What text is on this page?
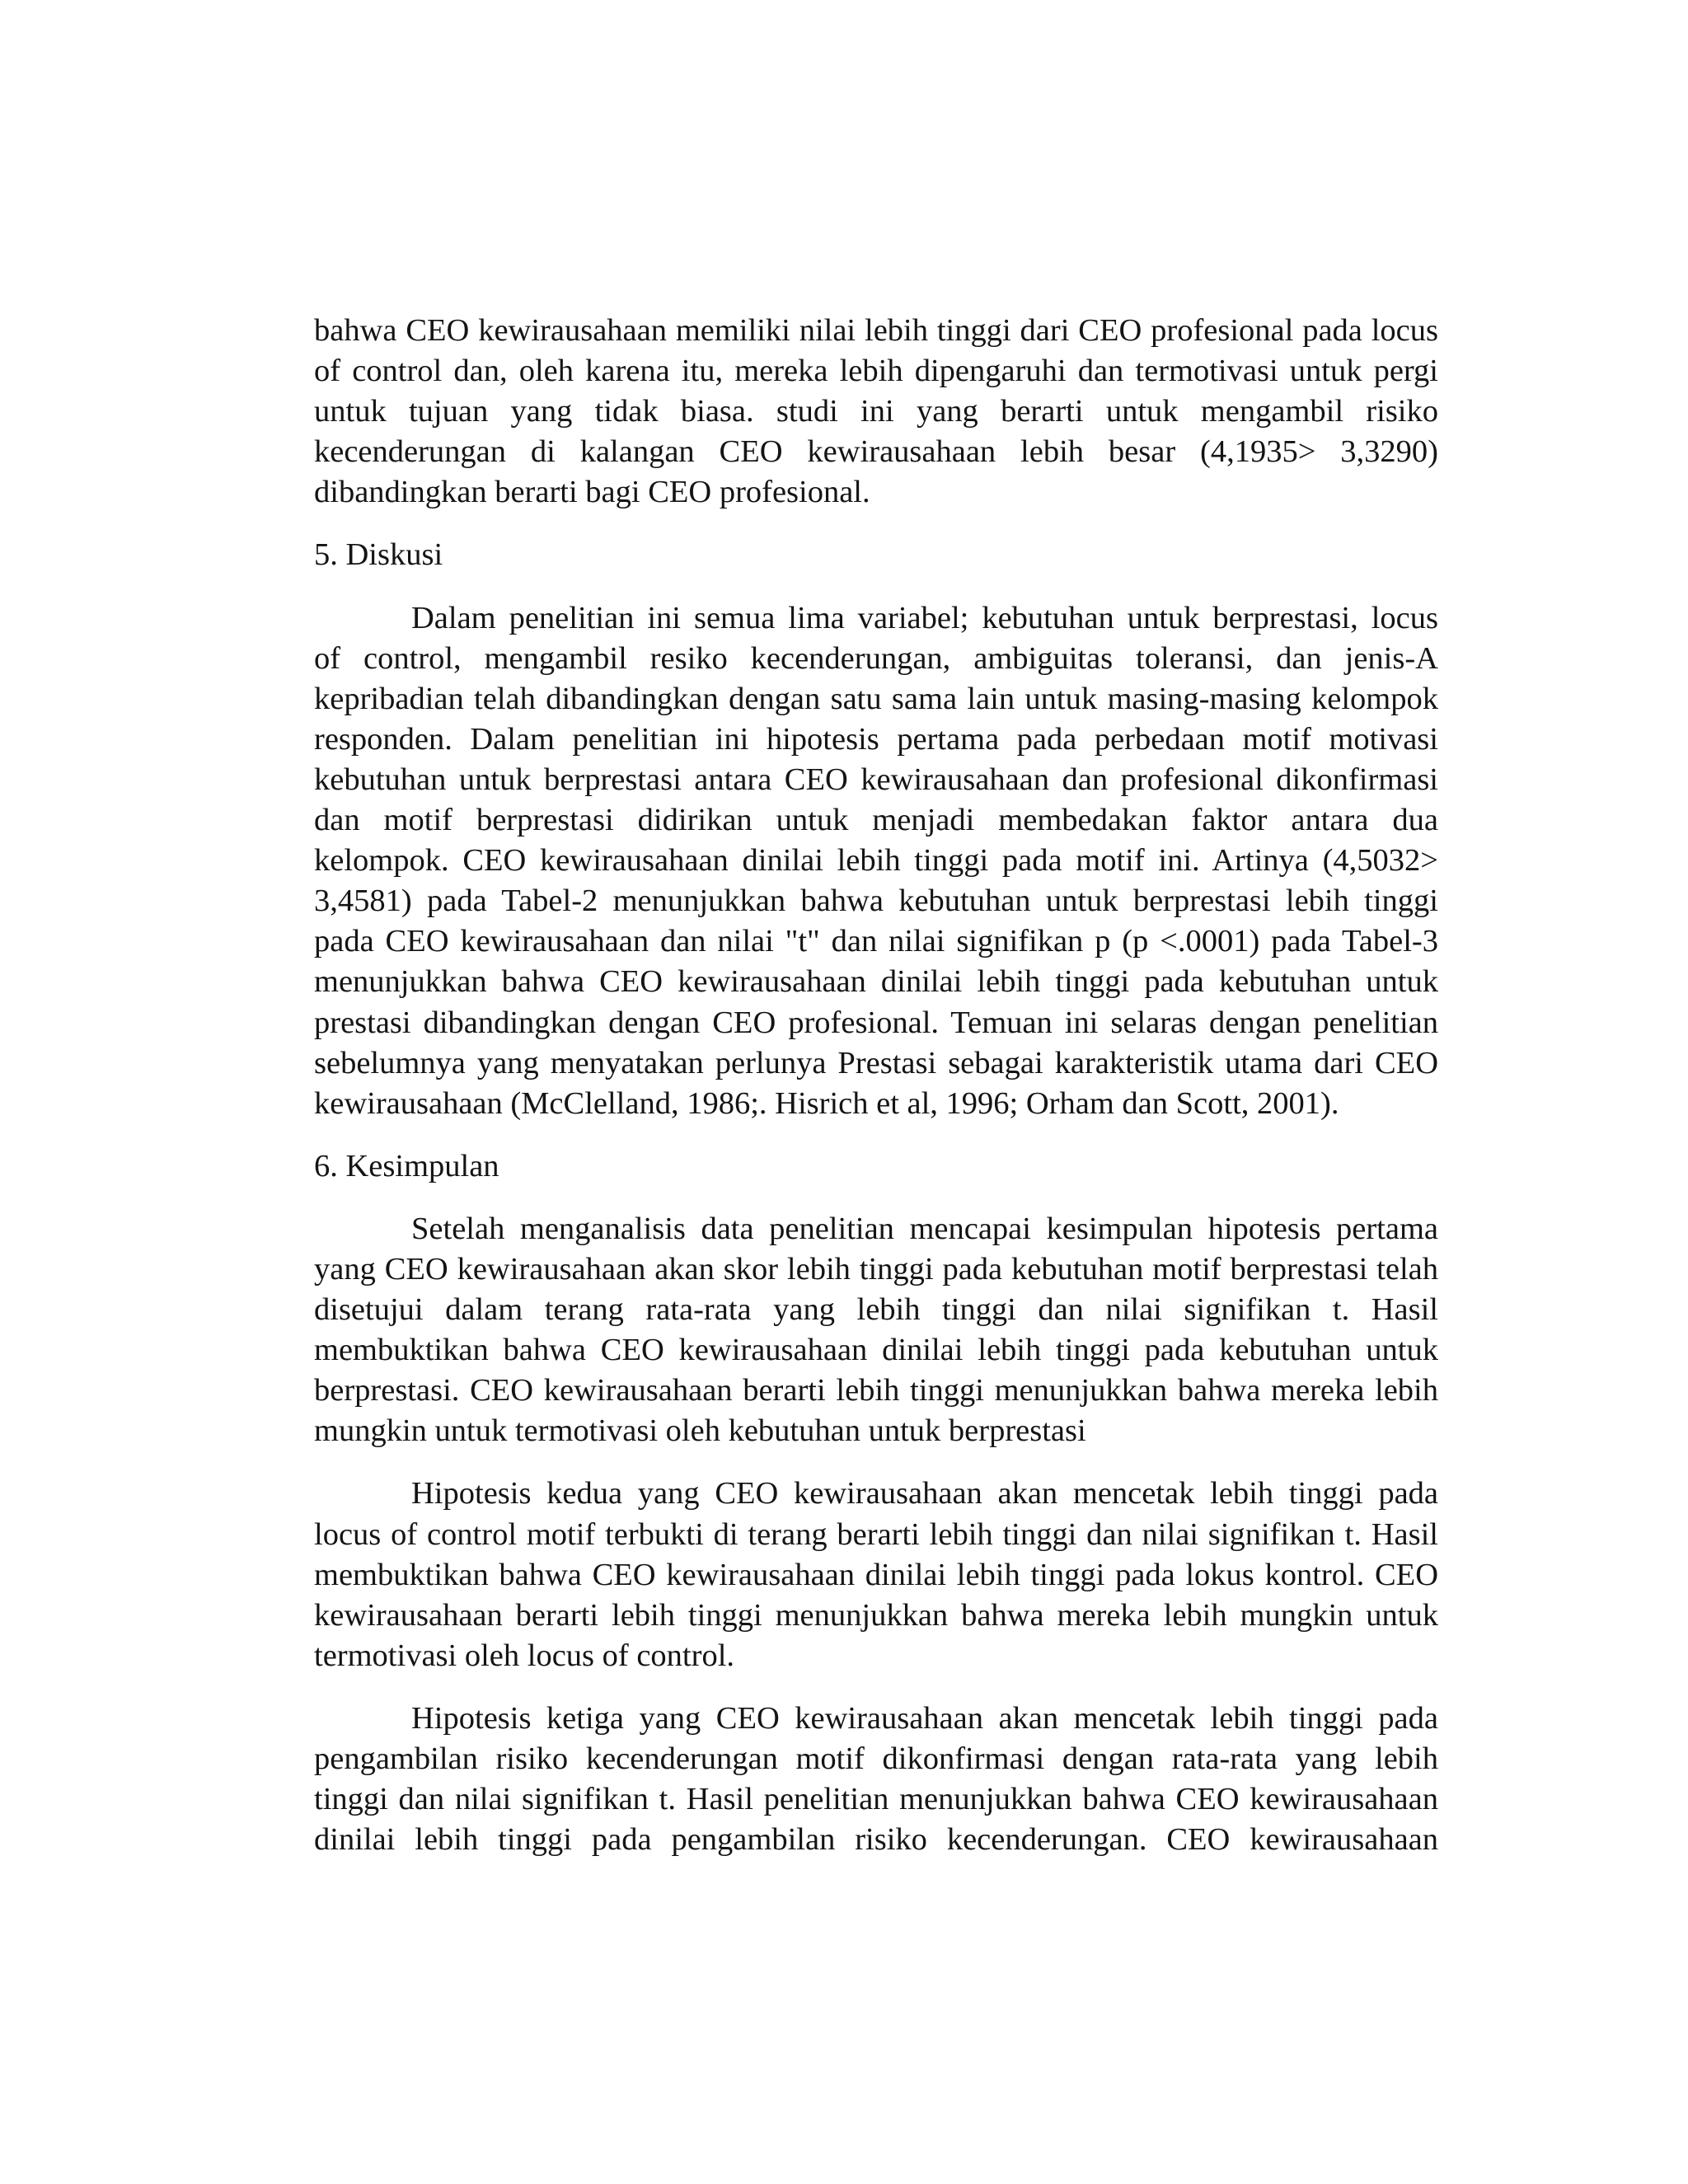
bahwa CEO kewirausahaan memiliki nilai lebih tinggi dari CEO profesional pada locus
of control dan, oleh karena itu, mereka lebih dipengaruhi dan termotivasi untuk pergi
untuk tujuan yang tidak biasa. studi ini yang berarti untuk mengambil risiko
kecenderungan di kalangan CEO kewirausahaan lebih besar (4,1935> 3,3290)
dibandingkan berarti bagi CEO profesional.
5. Diskusi
Dalam penelitian ini semua lima variabel; kebutuhan untuk berprestasi, locus
of control, mengambil resiko kecenderungan, ambiguitas toleransi, dan jenis-A
kepribadian telah dibandingkan dengan satu sama lain untuk masing-masing kelompok
responden. Dalam penelitian ini hipotesis pertama pada perbedaan motif motivasi
kebutuhan untuk berprestasi antara CEO kewirausahaan dan profesional dikonfirmasi
dan motif berprestasi didirikan untuk menjadi membedakan faktor antara dua
kelompok. CEO kewirausahaan dinilai lebih tinggi pada motif ini. Artinya (4,5032>
3,4581) pada Tabel-2 menunjukkan bahwa kebutuhan untuk berprestasi lebih tinggi
pada CEO kewirausahaan dan nilai "t" dan nilai signifikan p (p <.0001) pada Tabel-3
menunjukkan bahwa CEO kewirausahaan dinilai lebih tinggi pada kebutuhan untuk
prestasi dibandingkan dengan CEO profesional. Temuan ini selaras dengan penelitian
sebelumnya yang menyatakan perlunya Prestasi sebagai karakteristik utama dari CEO
kewirausahaan (McClelland, 1986;. Hisrich et al, 1996; Orham dan Scott, 2001).
6. Kesimpulan
Setelah menganalisis data penelitian mencapai kesimpulan hipotesis pertama
yang CEO kewirausahaan akan skor lebih tinggi pada kebutuhan motif berprestasi telah
disetujui dalam terang rata-rata yang lebih tinggi dan nilai signifikan t. Hasil
membuktikan bahwa CEO kewirausahaan dinilai lebih tinggi pada kebutuhan untuk
berprestasi. CEO kewirausahaan berarti lebih tinggi menunjukkan bahwa mereka lebih
mungkin untuk termotivasi oleh kebutuhan untuk berprestasi
Hipotesis kedua yang CEO kewirausahaan akan mencetak lebih tinggi pada
locus of control motif terbukti di terang berarti lebih tinggi dan nilai signifikan t. Hasil
membuktikan bahwa CEO kewirausahaan dinilai lebih tinggi pada lokus kontrol. CEO
kewirausahaan berarti lebih tinggi menunjukkan bahwa mereka lebih mungkin untuk
termotivasi oleh locus of control.
Hipotesis ketiga yang CEO kewirausahaan akan mencetak lebih tinggi pada
pengambilan risiko kecenderungan motif dikonfirmasi dengan rata-rata yang lebih
tinggi dan nilai signifikan t. Hasil penelitian menunjukkan bahwa CEO kewirausahaan
dinilai lebih tinggi pada pengambilan risiko kecenderungan. CEO kewirausahaan
